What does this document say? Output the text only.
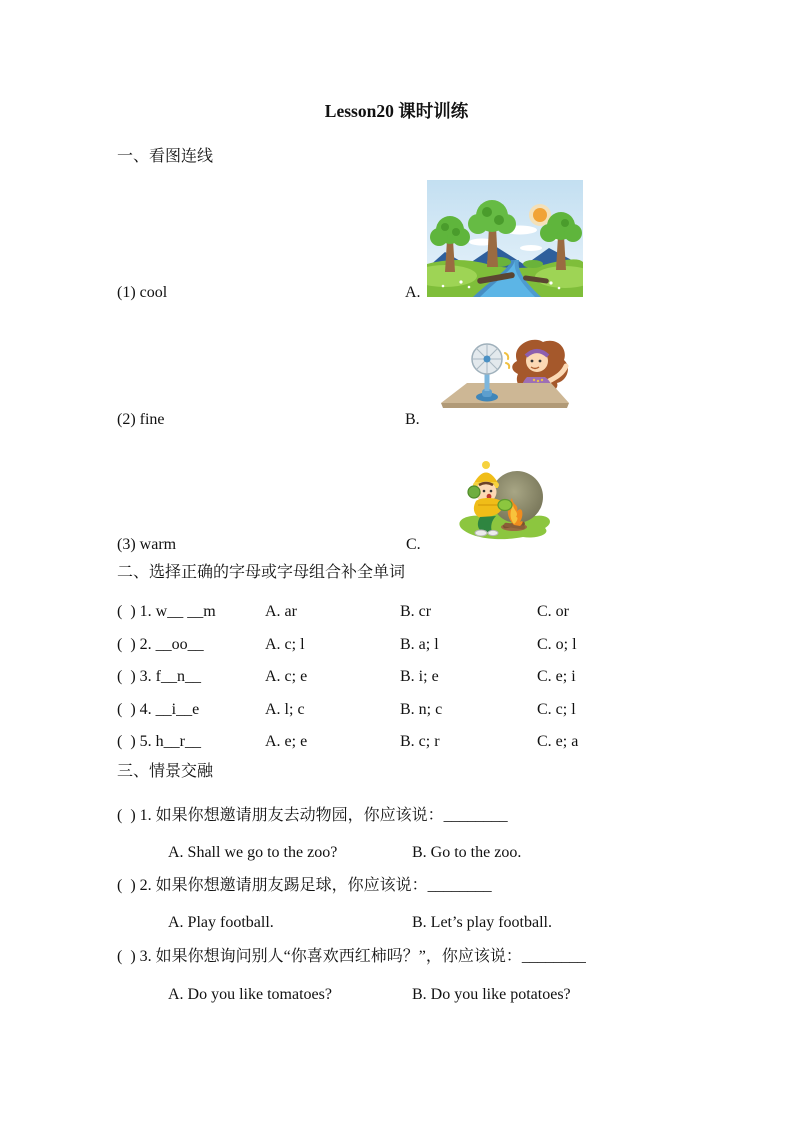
Lesson20 课时训练
一、看图连线
(1) cool	A.
(2) fine	B.
(3) warm	C.
二、选择正确的字母或字母组合补全单词
(  ) 1. w__ __m	A. ar	B. cr	C. or
(  ) 2. __oo__	A. c; l	B. a; l	C. o; l
(  ) 3. f__n__	A. c; e	B. i; e	C. e; i
(  ) 4. __i__e	A. l; c	B. n; c	C. c; l
(  ) 5. h__r__	A. e; e	B. c; r	C. e; a
三、情景交融
(  ) 1. 如果你想邀请朋友去动物园，你应该说：________
A. Shall we go to the zoo?	B. Go to the zoo.
(  ) 2. 如果你想邀请朋友踢足球，你应该说：________
A. Play football.	B. Let’s play football.
(  ) 3. 如果你想询问别人“你喜欢西红柿吗？”，你应该说：________
A. Do you like tomatoes?	B. Do you like potatoes?
